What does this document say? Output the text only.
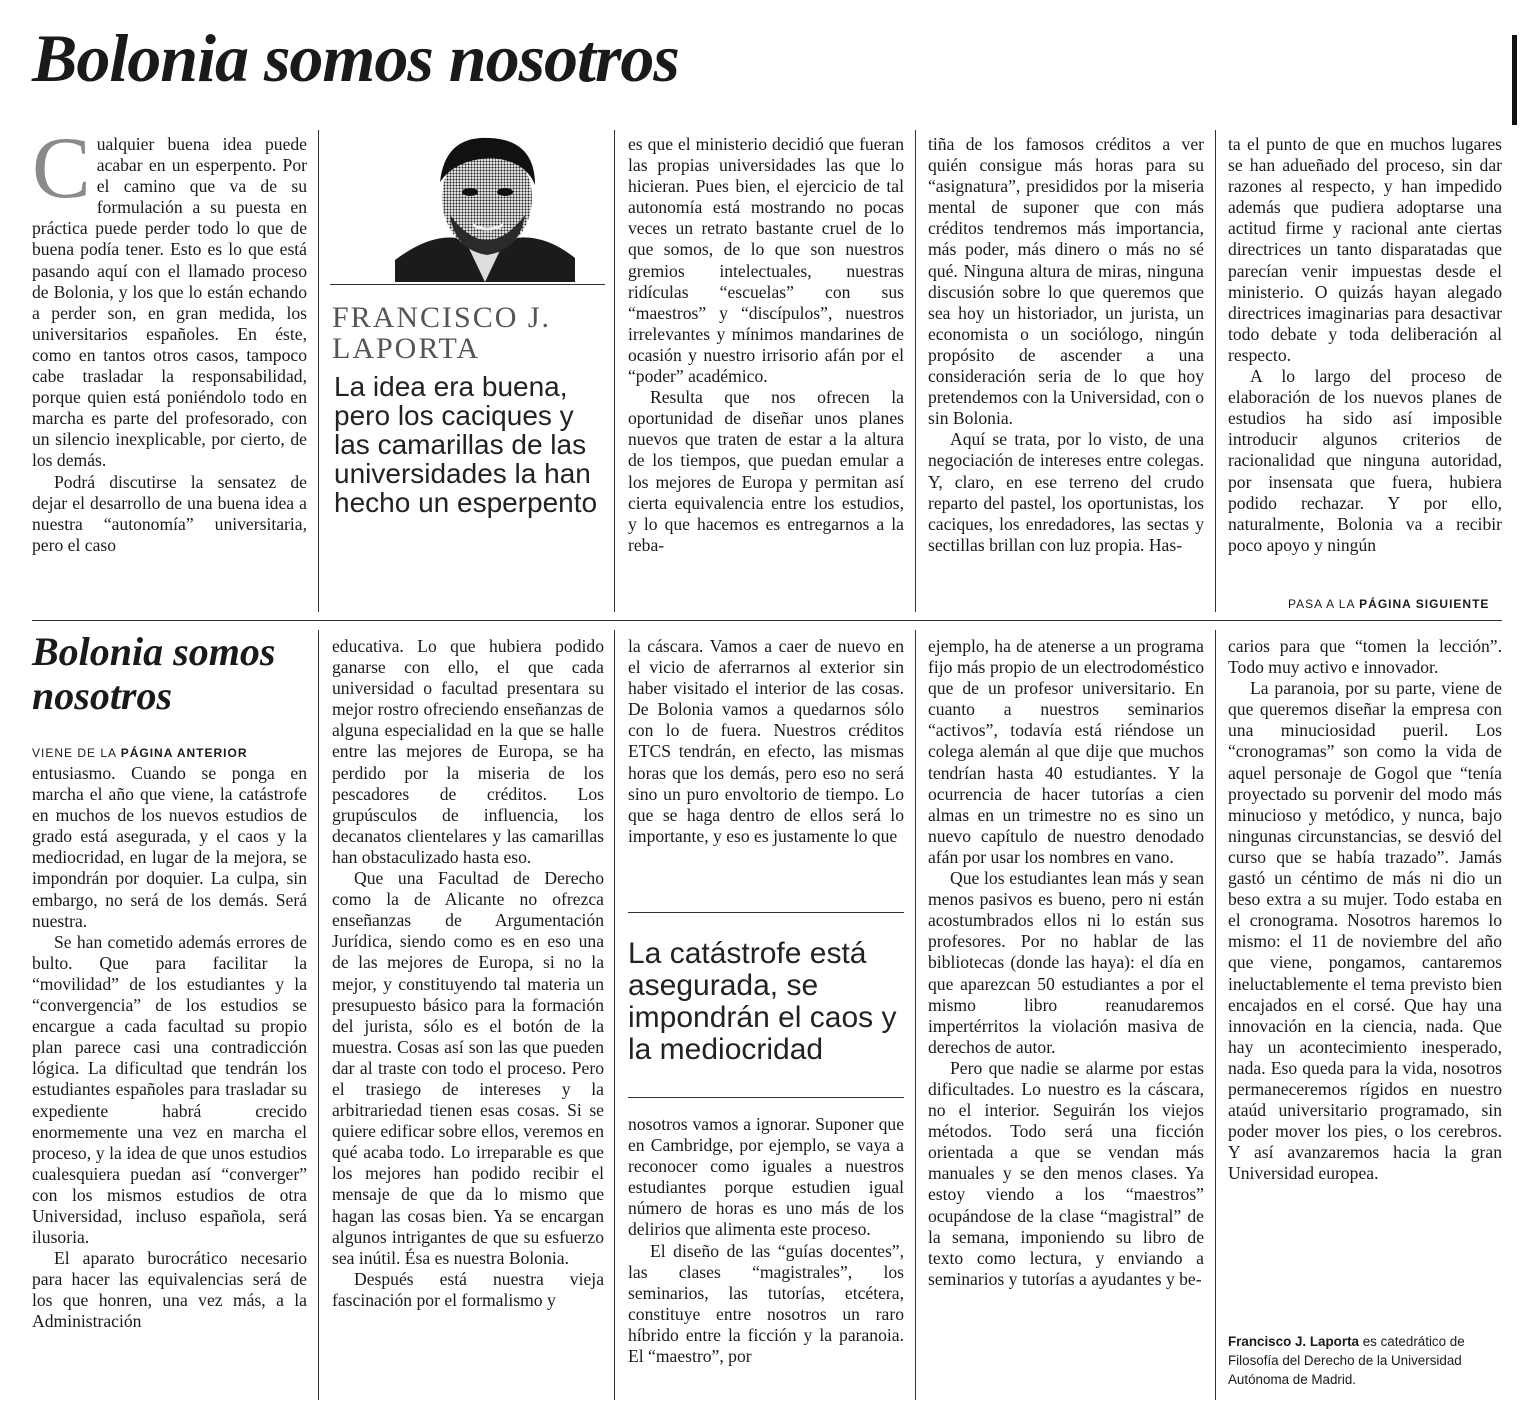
Bolonia somos nosotros

Cualquier buena idea puede acabar en un esperpento. Por el camino que va de su formulación a su puesta en práctica puede perder todo lo que de buena podía tener. Esto es lo que está pasando aquí con el llamado proceso de Bolonia, y los que lo están echando a perder son, en gran medida, los universitarios españoles. En éste, como en tantos otros casos, tampoco cabe trasladar la responsabilidad, porque quien está poniéndolo todo en marcha es parte del profesorado, con un silencio inexplicable, por cierto, de los demás.

Podrá discutirse la sensatez de dejar el desarrollo de una buena idea a nuestra “autonomía” universitaria, pero el caso

FRANCISCO J.
LAPORTA
La idea era buena, pero los caciques y las camarillas de las universidades la han hecho un esperpento

es que el ministerio decidió que fueran las propias universidades las que lo hicieran. Pues bien, el ejercicio de tal autonomía está mostrando no pocas veces un retrato bastante cruel de lo que somos, de lo que son nuestros gremios intelectuales, nuestras ridículas “escuelas” con sus “maestros” y “discípulos”, nuestros irrelevantes y mínimos mandarines de ocasión y nuestro irrisorio afán por el “poder” académico.

Resulta que nos ofrecen la oportunidad de diseñar unos planes nuevos que traten de estar a la altura de los tiempos, que puedan emular a los mejores de Europa y permitan así cierta equivalencia entre los estudios, y lo que hacemos es entregarnos a la reba-

tiña de los famosos créditos a ver quién consigue más horas para su “asignatura”, presididos por la miseria mental de suponer que con más créditos tendremos más importancia, más poder, más dinero o más no sé qué. Ninguna altura de miras, ninguna discusión sobre lo que queremos que sea hoy un historiador, un jurista, un economista o un sociólogo, ningún propósito de ascender a una consideración seria de lo que hoy pretendemos con la Universidad, con o sin Bolonia.

Aquí se trata, por lo visto, de una negociación de intereses entre colegas. Y, claro, en ese terreno del crudo reparto del pastel, los oportunistas, los caciques, los enredadores, las sectas y sectillas brillan con luz propia. Has-

ta el punto de que en muchos lugares se han adueñado del proceso, sin dar razones al respecto, y han impedido además que pudiera adoptarse una actitud firme y racional ante ciertas directrices un tanto disparatadas que parecían venir impuestas desde el ministerio. O quizás hayan alegado directrices imaginarias para desactivar todo debate y toda deliberación al respecto.

A lo largo del proceso de elaboración de los nuevos planes de estudios ha sido así imposible introducir algunos criterios de racionalidad que ninguna autoridad, por insensata que fuera, hubiera podido rechazar. Y por ello, naturalmente, Bolonia va a recibir poco apoyo y ningún

PASA A LA PÁGINA SIGUIENTE
Bolonia somos nosotros
VIENE DE LA PÁGINA ANTERIOR

entusiasmo. Cuando se ponga en marcha el año que viene, la catástrofe en muchos de los nuevos estudios de grado está asegurada, y el caos y la mediocridad, en lugar de la mejora, se impondrán por doquier. La culpa, sin embargo, no será de los demás. Será nuestra.

Se han cometido además errores de bulto. Que para facilitar la “movilidad” de los estudiantes y la “convergencia” de los estudios se encargue a cada facultad su propio plan parece casi una contradicción lógica. La dificultad que tendrán los estudiantes españoles para trasladar su expediente habrá crecido enormemente una vez en marcha el proceso, y la idea de que unos estudios cualesquiera puedan así “converger” con los mismos estudios de otra Universidad, incluso española, será ilusoria.

El aparato burocrático necesario para hacer las equivalencias será de los que honren, una vez más, a la Administración

educativa. Lo que hubiera podido ganarse con ello, el que cada universidad o facultad presentara su mejor rostro ofreciendo enseñanzas de alguna especialidad en la que se halle entre las mejores de Europa, se ha perdido por la miseria de los pescadores de créditos. Los grupúsculos de influencia, los decanatos clientelares y las camarillas han obstaculizado hasta eso.

Que una Facultad de Derecho como la de Alicante no ofrezca enseñanzas de Argumentación Jurídica, siendo como es en eso una de las mejores de Europa, si no la mejor, y constituyendo tal materia un presupuesto básico para la formación del jurista, sólo es el botón de la muestra. Cosas así son las que pueden dar al traste con todo el proceso. Pero el trasiego de intereses y la arbitrariedad tienen esas cosas. Si se quiere edificar sobre ellos, veremos en qué acaba todo. Lo irreparable es que los mejores han podido recibir el mensaje de que da lo mismo que hagan las cosas bien. Ya se encargan algunos intrigantes de que su esfuerzo sea inútil. Ésa es nuestra Bolonia.

Después está nuestra vieja fascinación por el formalismo y

la cáscara. Vamos a caer de nuevo en el vicio de aferrarnos al exterior sin haber visitado el interior de las cosas. De Bolonia vamos a quedarnos sólo con lo de fuera. Nuestros créditos ETCS tendrán, en efecto, las mismas horas que los demás, pero eso no será sino un puro envoltorio de tiempo. Lo que se haga dentro de ellos será lo importante, y eso es justamente lo que

La catástrofe está asegurada, se impondrán el caos y la mediocridad

nosotros vamos a ignorar. Suponer que en Cambridge, por ejemplo, se vaya a reconocer como iguales a nuestros estudiantes porque estudien igual número de horas es uno más de los delirios que alimenta este proceso.

El diseño de las “guías docentes”, las clases “magistrales”, los seminarios, las tutorías, etcétera, constituye entre nosotros un raro híbrido entre la ficción y la paranoia. El “maestro”, por

ejemplo, ha de atenerse a un programa fijo más propio de un electrodoméstico que de un profesor universitario. En cuanto a nuestros seminarios “activos”, todavía está riéndose un colega alemán al que dije que muchos tendrían hasta 40 estudiantes. Y la ocurrencia de hacer tutorías a cien almas en un trimestre no es sino un nuevo capítulo de nuestro denodado afán por usar los nombres en vano.

Que los estudiantes lean más y sean menos pasivos es bueno, pero ni están acostumbrados ellos ni lo están sus profesores. Por no hablar de las bibliotecas (donde las haya): el día en que aparezcan 50 estudiantes a por el mismo libro reanudaremos impertérritos la violación masiva de derechos de autor.

Pero que nadie se alarme por estas dificultades. Lo nuestro es la cáscara, no el interior. Seguirán los viejos métodos. Todo será una ficción orientada a que se vendan más manuales y se den menos clases. Ya estoy viendo a los “maestros” ocupándose de la clase “magistral” de la semana, imponiendo su libro de texto como lectura, y enviando a seminarios y tutorías a ayudantes y be-

carios para que “tomen la lección”. Todo muy activo e innovador.

La paranoia, por su parte, viene de que queremos diseñar la empresa con una minuciosidad pueril. Los “cronogramas” son como la vida de aquel personaje de Gogol que “tenía proyectado su porvenir del modo más minucioso y metódico, y nunca, bajo ningunas circunstancias, se desvió del curso que se había trazado”. Jamás gastó un céntimo de más ni dio un beso extra a su mujer. Todo estaba en el cronograma. Nosotros haremos lo mismo: el 11 de noviembre del año que viene, pongamos, cantaremos ineluctablemente el tema previsto bien encajados en el corsé. Que hay una innovación en la ciencia, nada. Que hay un acontecimiento inesperado, nada. Eso queda para la vida, nosotros permaneceremos rígidos en nuestro ataúd universitario programado, sin poder mover los pies, o los cerebros. Y así avanzaremos hacia la gran Universidad europea.

Francisco J. Laporta es catedrático de Filosofía del Derecho de la Universidad Autónoma de Madrid.
